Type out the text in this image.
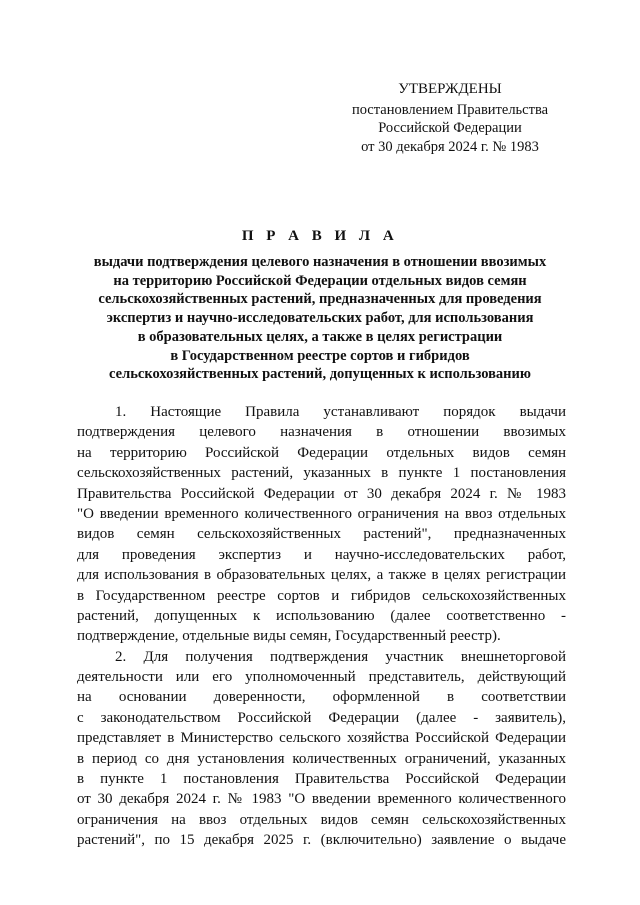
УТВЕРЖДЕНЫ
постановлением Правительства
Российской Федерации
от 30 декабря 2024 г. № 1983
П Р А В И Л А
выдачи подтверждения целевого назначения в отношении ввозимых
на территорию Российской Федерации отдельных видов семян
сельскохозяйственных растений, предназначенных для проведения
экспертиз и научно-исследовательских работ, для использования
в образовательных целях, а также в целях регистрации
в Государственном реестре сортов и гибридов
сельскохозяйственных растений, допущенных к использованию
1. Настоящие Правила устанавливают порядок выдачи
подтверждения целевого назначения в отношении ввозимых
на территорию Российской Федерации отдельных видов семян
сельскохозяйственных растений, указанных в пункте 1 постановления
Правительства Российской Федерации от 30 декабря 2024 г. № 1983
"О введении временного количественного ограничения на ввоз отдельных
видов семян сельскохозяйственных растений", предназначенных
для проведения экспертиз и научно-исследовательских работ,
для использования в образовательных целях, а также в целях регистрации
в Государственном реестре сортов и гибридов сельскохозяйственных
растений, допущенных к использованию (далее соответственно -
подтверждение, отдельные виды семян, Государственный реестр).
2. Для получения подтверждения участник внешнеторговой
деятельности или его уполномоченный представитель, действующий
на основании доверенности, оформленной в соответствии
с законодательством Российской Федерации (далее - заявитель),
представляет в Министерство сельского хозяйства Российской Федерации
в период со дня установления количественных ограничений, указанных
в пункте 1 постановления Правительства Российской Федерации
от 30 декабря 2024 г. № 1983 "О введении временного количественного
ограничения на ввоз отдельных видов семян сельскохозяйственных
растений", по 15 декабря 2025 г. (включительно) заявление о выдаче
